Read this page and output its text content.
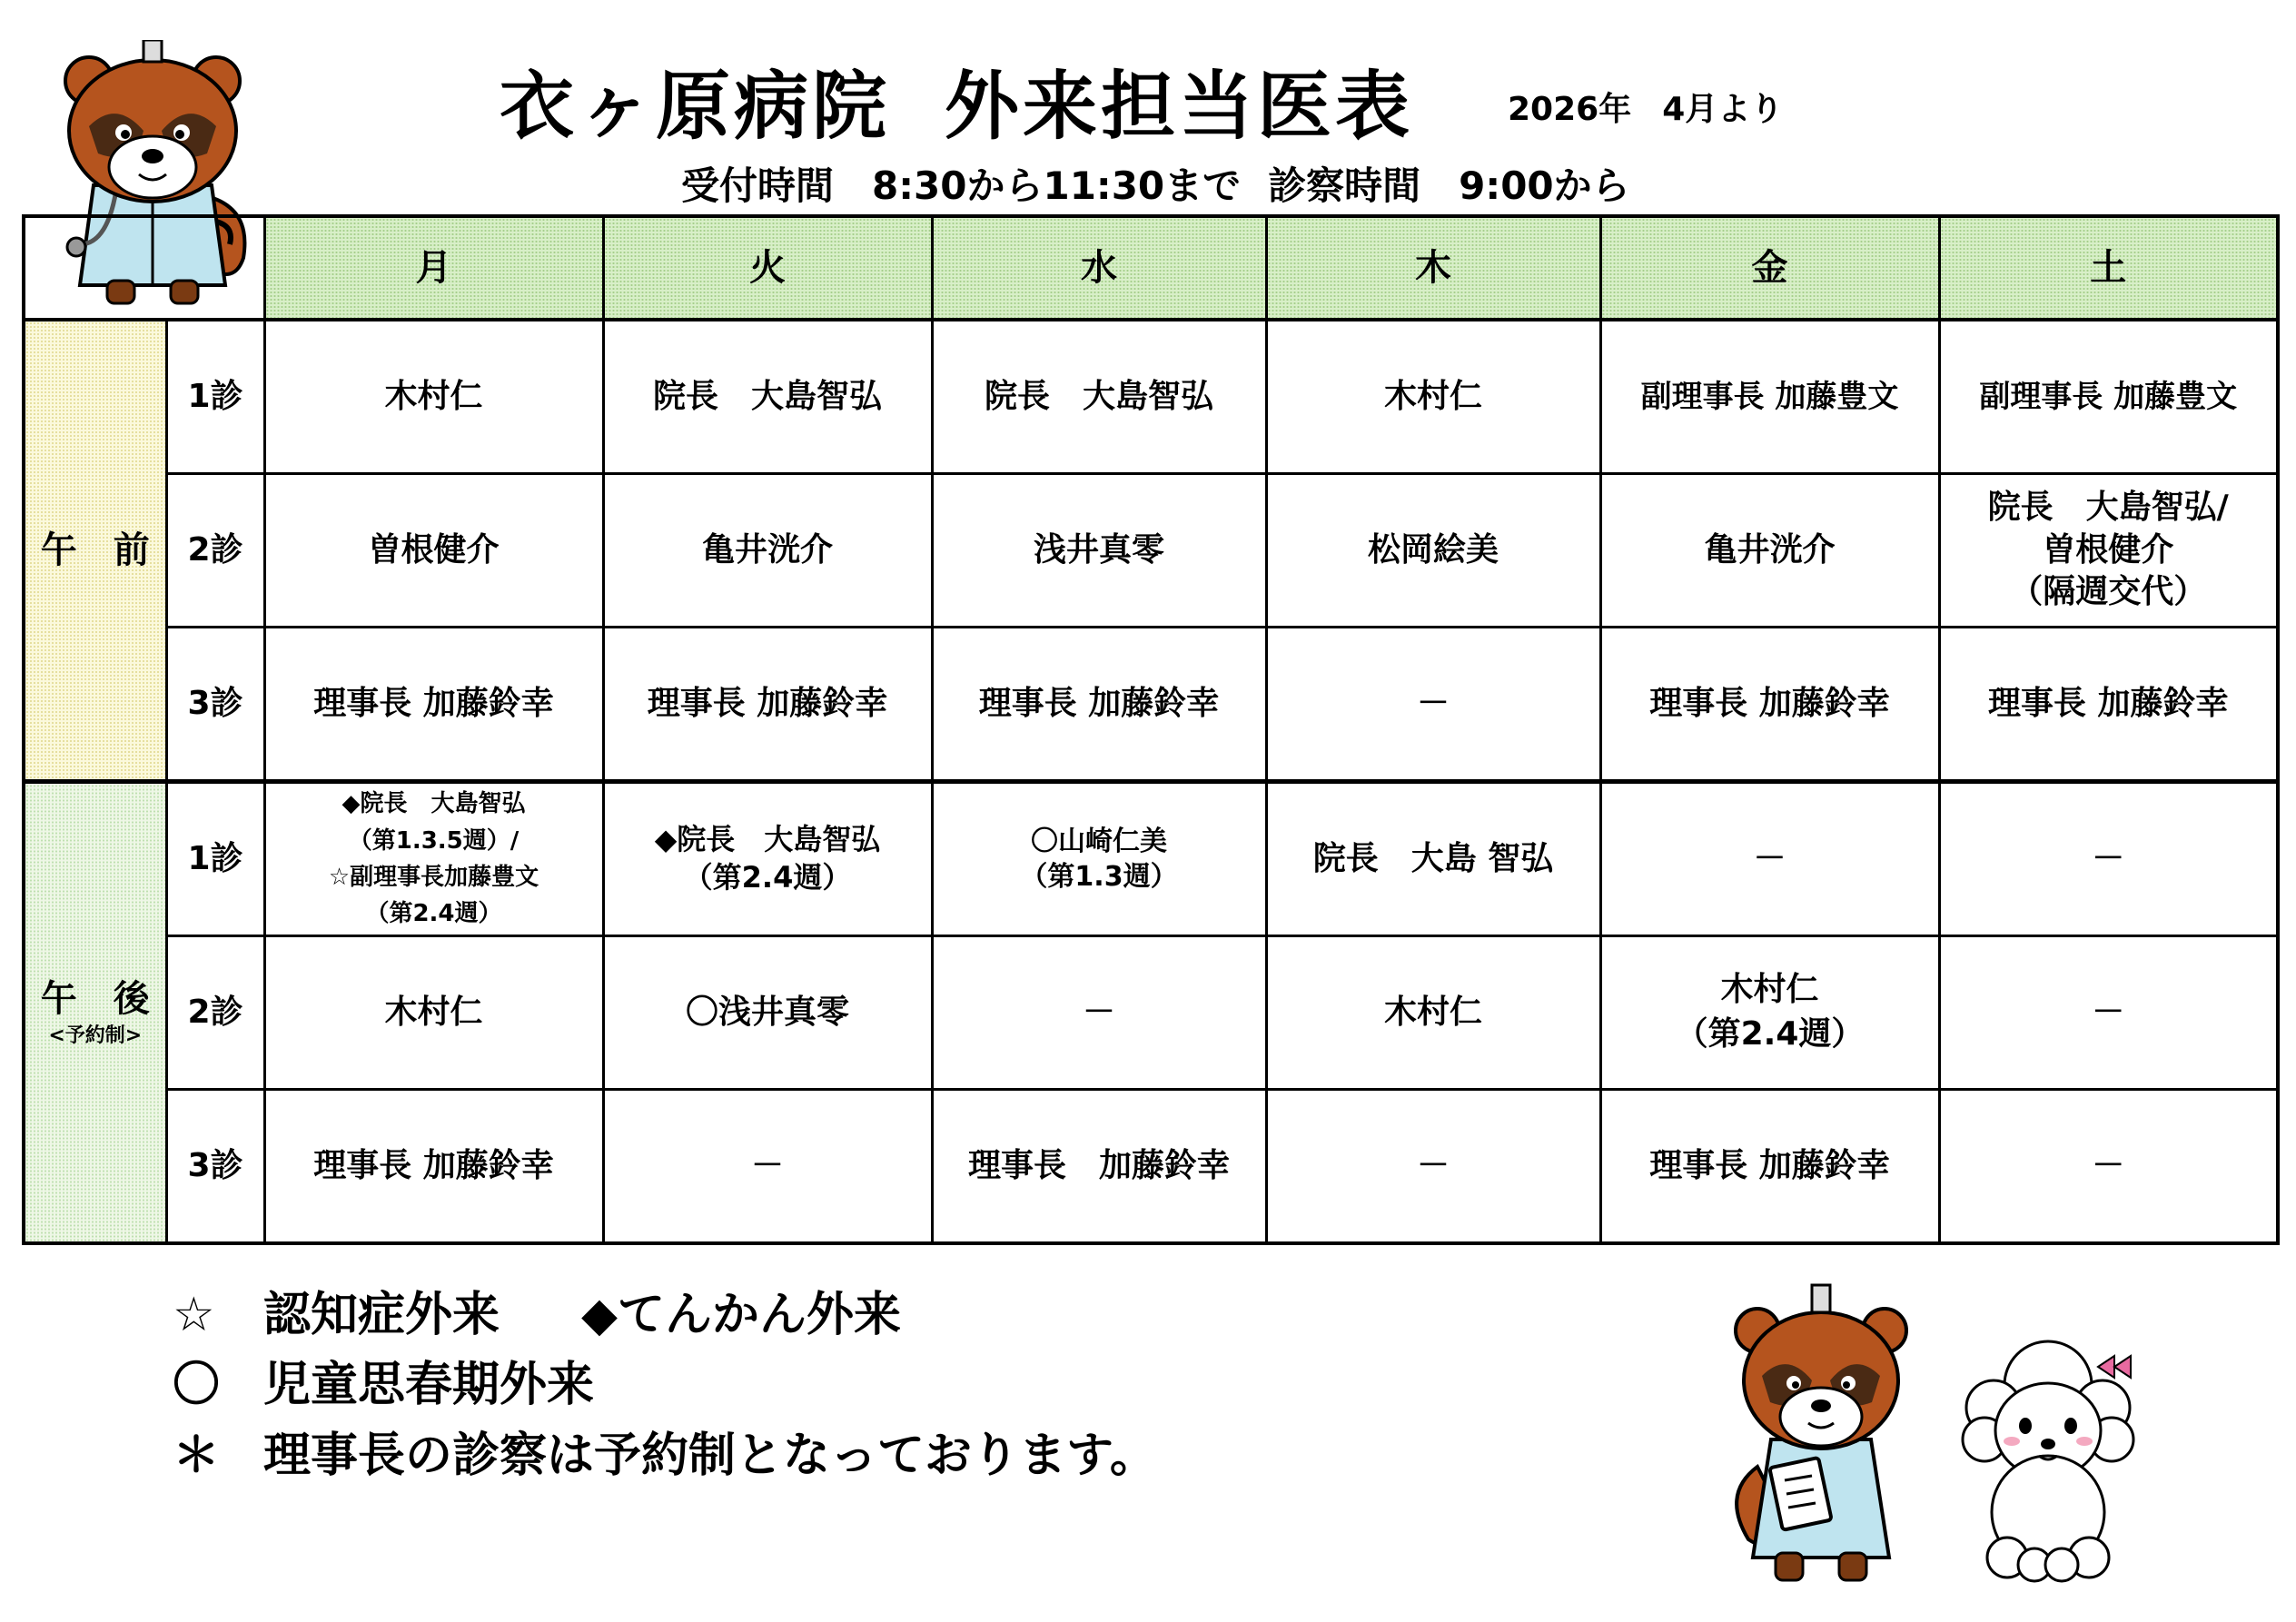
衣ヶ原病院 外来担当医表	2026年 4月より
受付時間　8:30から11:30まで 診察時間　9:00から
		月	火	水	木	金	土
午　前	1診	木村仁	院長　大島智弘	院長　大島智弘	木村仁	副理事長 加藤豊文	副理事長 加藤豊文
	2診	曽根健介	亀井洸介	浅井真零	松岡絵美	亀井洸介	院長　大島智弘/
曽根健介
（隔週交代）
	3診	理事長 加藤鈴幸	理事長 加藤鈴幸	理事長 加藤鈴幸	－	理事長 加藤鈴幸	理事長 加藤鈴幸
午　後
<予約制>	1診	◆院長　大島智弘
（第1.3.5週）/
☆副理事長加藤豊文
（第2.4週）	◆院長　大島智弘
（第2.4週）	〇山崎仁美
（第1.3週）	院長　大島 智弘	－	－
	2診	木村仁	〇浅井真零	－	木村仁	木村仁
（第2.4週）	－
	3診	理事長 加藤鈴幸	－	理事長　加藤鈴幸	－	理事長 加藤鈴幸	－
☆ 認知症外来 ◆てんかん外来
〇 児童思春期外来
＊ 理事長の診察は予約制となっております。
